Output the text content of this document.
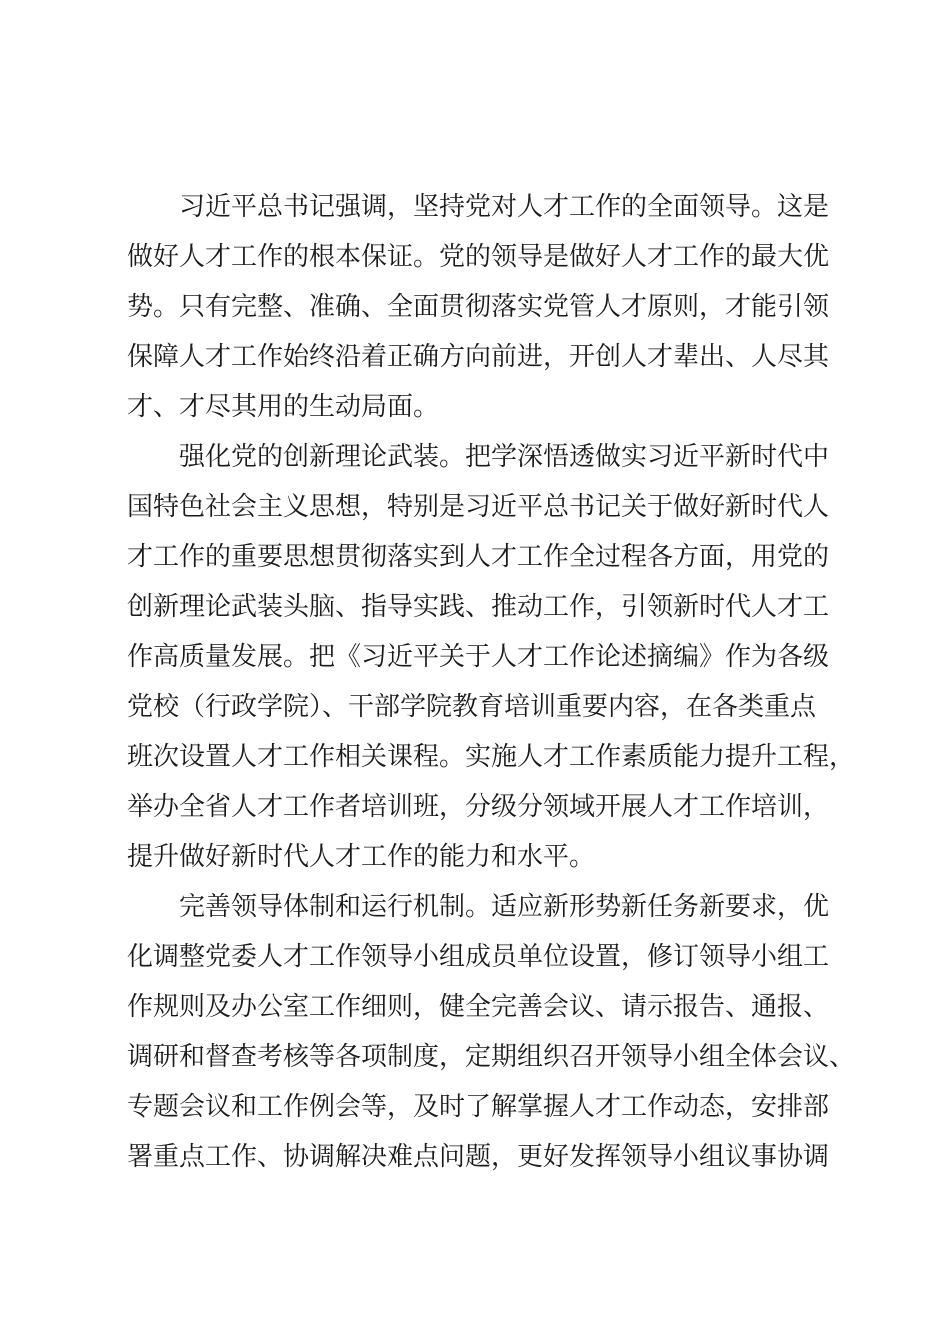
习近平总书记强调，坚持党对人才工作的全面领导。这是
做好人才工作的根本保证。党的领导是做好人才工作的最大优
势。只有完整、准确、全面贯彻落实党管人才原则，才能引领
保障人才工作始终沿着正确方向前进，开创人才辈出、人尽其
才、才尽其用的生动局面。
强化党的创新理论武装。把学深悟透做实习近平新时代中
国特色社会主义思想，特别是习近平总书记关于做好新时代人
才工作的重要思想贯彻落实到人才工作全过程各方面，用党的
创新理论武装头脑、指导实践、推动工作，引领新时代人才工
作高质量发展。把《习近平关于人才工作论述摘编》作为各级
党校（行政学院）、干部学院教育培训重要内容，在各类重点
班次设置人才工作相关课程。实施人才工作素质能力提升工程，
举办全省人才工作者培训班，分级分领域开展人才工作培训，
提升做好新时代人才工作的能力和水平。
完善领导体制和运行机制。适应新形势新任务新要求，优
化调整党委人才工作领导小组成员单位设置，修订领导小组工
作规则及办公室工作细则，健全完善会议、请示报告、通报、
调研和督查考核等各项制度，定期组织召开领导小组全体会议、
专题会议和工作例会等，及时了解掌握人才工作动态，安排部
署重点工作、协调解决难点问题，更好发挥领导小组议事协调
